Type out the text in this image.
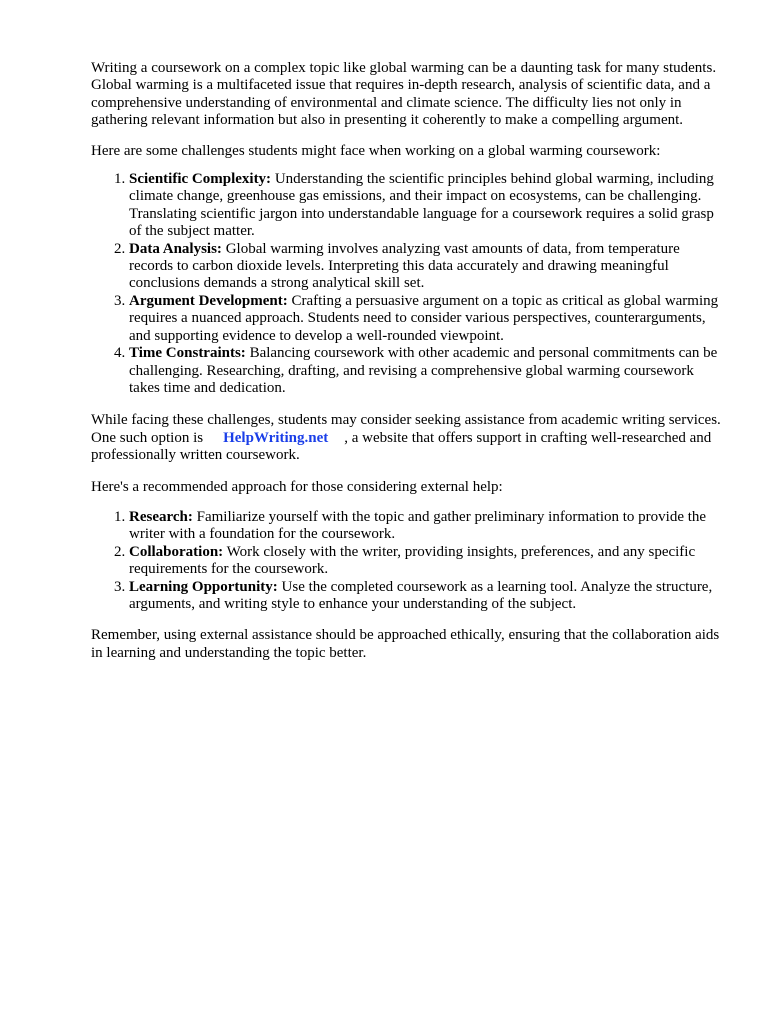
Writing a coursework on a complex topic like global warming can be a daunting task for many students. Global warming is a multifaceted issue that requires in-depth research, analysis of scientific data, and a comprehensive understanding of environmental and climate science. The difficulty lies not only in gathering relevant information but also in presenting it coherently to make a compelling argument.

Here are some challenges students might face when working on a global warming coursework:

1. Scientific Complexity: Understanding the scientific principles behind global warming, including climate change, greenhouse gas emissions, and their impact on ecosystems, can be challenging. Translating scientific jargon into understandable language for a coursework requires a solid grasp of the subject matter.
2. Data Analysis: Global warming involves analyzing vast amounts of data, from temperature records to carbon dioxide levels. Interpreting this data accurately and drawing meaningful conclusions demands a strong analytical skill set.
3. Argument Development: Crafting a persuasive argument on a topic as critical as global warming requires a nuanced approach. Students need to consider various perspectives, counterarguments, and supporting evidence to develop a well-rounded viewpoint.
4. Time Constraints: Balancing coursework with other academic and personal commitments can be challenging. Researching, drafting, and revising a comprehensive global warming coursework takes time and dedication.

While facing these challenges, students may consider seeking assistance from academic writing services. One such option is HelpWriting.net , a website that offers support in crafting well-researched and professionally written coursework.

Here's a recommended approach for those considering external help:

1. Research: Familiarize yourself with the topic and gather preliminary information to provide the writer with a foundation for the coursework.
2. Collaboration: Work closely with the writer, providing insights, preferences, and any specific requirements for the coursework.
3. Learning Opportunity: Use the completed coursework as a learning tool. Analyze the structure, arguments, and writing style to enhance your understanding of the subject.

Remember, using external assistance should be approached ethically, ensuring that the collaboration aids in learning and understanding the topic better.
